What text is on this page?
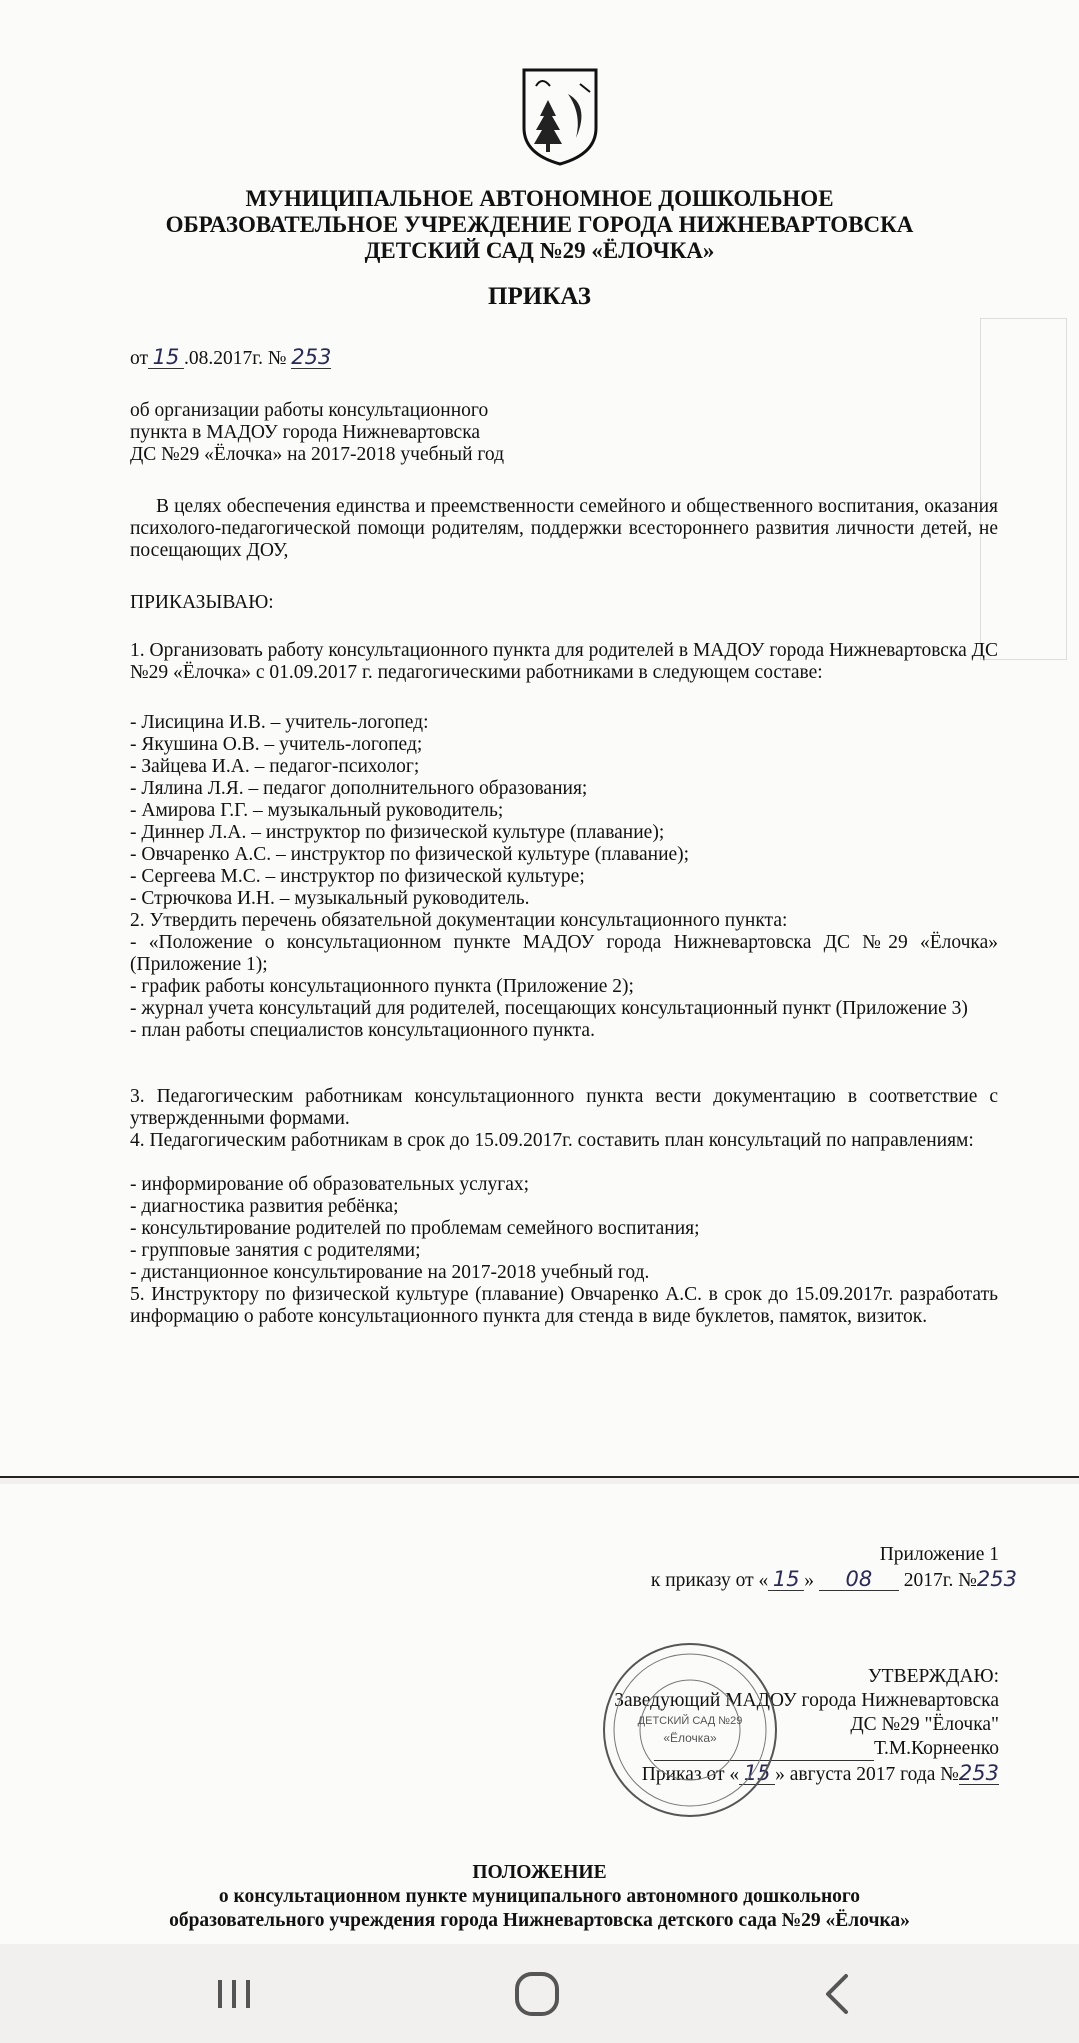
МУНИЦИПАЛЬНОЕ АВТОНОМНОЕ ДОШКОЛЬНОЕ
ОБРАЗОВАТЕЛЬНОЕ УЧРЕЖДЕНИЕ ГОРОДА НИЖНЕВАРТОВСКА
ДЕТСКИЙ САД №29 «ЁЛОЧКА»
ПРИКАЗ
от 15 .08.2017г. № 253
об организации работы консультационного
пункта в МАДОУ города Нижневартовска
ДС №29 «Ёлочка» на 2017-2018 учебный год
В целях обеспечения единства и преемственности семейного и общественного воспитания, оказания психолого-педагогической помощи родителям, поддержки всестороннего развития личности детей, не посещающих ДОУ,
ПРИКАЗЫВАЮ:
1. Организовать работу консультационного пункта для родителей в МАДОУ города Нижневартовска ДС №29 «Ёлочка» с 01.09.2017 г. педагогическими работниками в следующем составе:
- Лисицина И.В. – учитель-логопед:
- Якушина О.В. – учитель-логопед;
- Зайцева И.А. – педагог-психолог;
- Лялина Л.Я. – педагог дополнительного образования;
- Амирова Г.Г. – музыкальный руководитель;
- Диннер Л.А. – инструктор по физической культуре (плавание);
- Овчаренко А.С. – инструктор по физической культуре (плавание);
- Сергеева М.С. – инструктор по физической культуре;
- Стрючкова И.Н. – музыкальный руководитель.
2. Утвердить перечень обязательной документации консультационного пункта:
- «Положение о консультационном пункте МАДОУ города Нижневартовска ДС №29 «Ёлочка» (Приложение 1);
- график работы консультационного пункта (Приложение 2);
- журнал учета консультаций для родителей, посещающих консультационный пункт (Приложение 3)
- план работы специалистов консультационного пункта.
3. Педагогическим работникам консультационного пункта вести документацию в соответствие с утвержденными формами.
4. Педагогическим работникам в срок до 15.09.2017г. составить план консультаций по направлениям:
- информирование об образовательных услугах;
- диагностика развития ребёнка;
- консультирование родителей по проблемам семейного воспитания;
- групповые занятия с родителями;
- дистанционное консультирование на 2017-2018 учебный год.
5. Инструктору по физической культуре (плавание) Овчаренко А.С. в срок до 15.09.2017г. разработать информацию о работе консультационного пункта для стенда в виде буклетов, памяток, визиток.
Приложение 1
к приказу от « 15 » 08 2017г. №253
УТВЕРЖДАЮ:
Заведующий МАДОУ города Нижневартовска
ДС №29 "Ёлочка"
Т.М.Корнеенко
Приказ от « 15 » августа 2017 года №253
ПОЛОЖЕНИЕ
о консультационном пункте муниципального автономного дошкольного
образовательного учреждения города Нижневартовска детского сада №29 «Ёлочка»
ДЕТСКИЙ САД №29
«Ёлочка»
